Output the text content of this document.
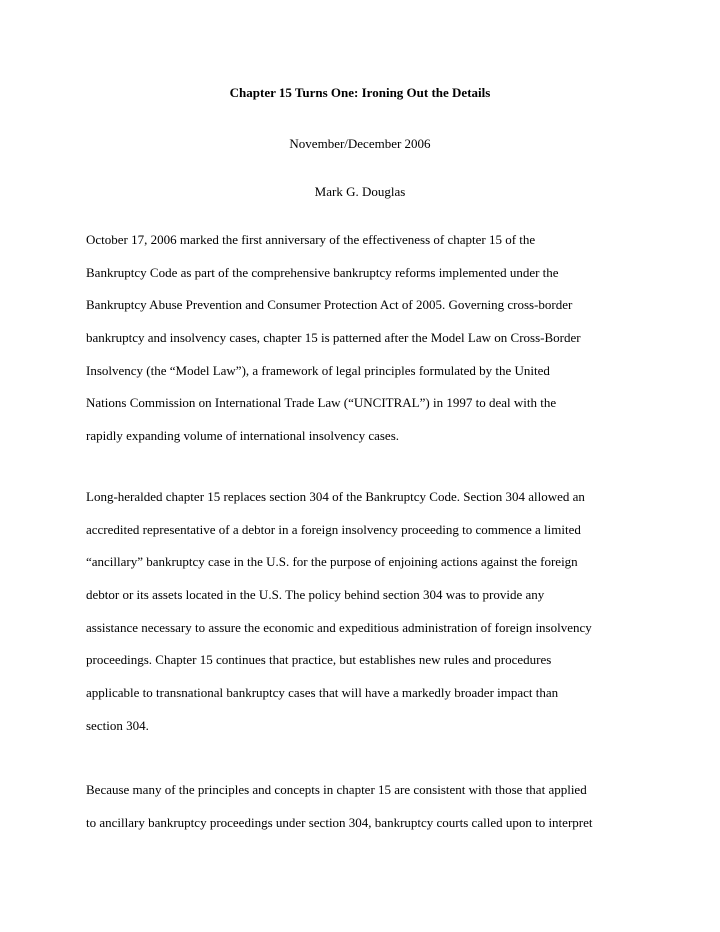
Chapter 15 Turns One: Ironing Out the Details
November/December 2006
Mark G. Douglas
October 17, 2006 marked the first anniversary of the effectiveness of chapter 15 of the
Bankruptcy Code as part of the comprehensive bankruptcy reforms implemented under the
Bankruptcy Abuse Prevention and Consumer Protection Act of 2005. Governing cross-border
bankruptcy and insolvency cases, chapter 15 is patterned after the Model Law on Cross-Border
Insolvency (the “Model Law”), a framework of legal principles formulated by the United
Nations Commission on International Trade Law (“UNCITRAL”) in 1997 to deal with the
rapidly expanding volume of international insolvency cases.
Long-heralded chapter 15 replaces section 304 of the Bankruptcy Code. Section 304 allowed an
accredited representative of a debtor in a foreign insolvency proceeding to commence a limited
“ancillary” bankruptcy case in the U.S. for the purpose of enjoining actions against the foreign
debtor or its assets located in the U.S. The policy behind section 304 was to provide any
assistance necessary to assure the economic and expeditious administration of foreign insolvency
proceedings. Chapter 15 continues that practice, but establishes new rules and procedures
applicable to transnational bankruptcy cases that will have a markedly broader impact than
section 304.
Because many of the principles and concepts in chapter 15 are consistent with those that applied
to ancillary bankruptcy proceedings under section 304, bankruptcy courts called upon to interpret
